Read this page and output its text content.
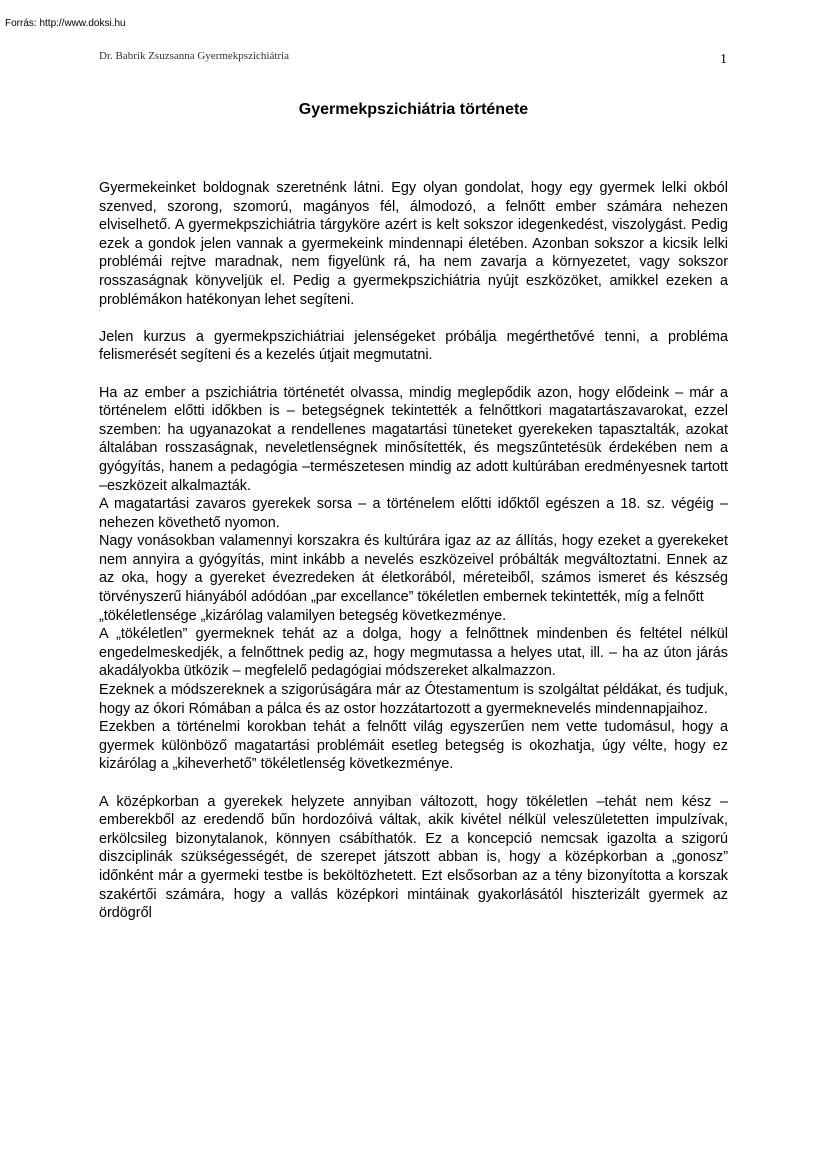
Forrás: http://www.doksi.hu
Dr. Babrik Zsuzsanna Gyermekpszichiátria	1
Gyermekpszichiátria története

Gyermekeinket boldognak szeretnénk látni. Egy olyan gondolat, hogy egy gyermek lelki okból szenved, szorong, szomorú, magányos fél, álmodozó, a felnőtt ember számára nehezen elviselhető. A gyermekpszichiátria tárgyköre azért is kelt sokszor idegenkedést, viszolygást. Pedig ezek a gondok jelen vannak a gyermekeink mindennapi életében. Azonban sokszor a kicsik lelki problémái rejtve maradnak, nem figyelünk rá, ha nem zavarja a környezetet, vagy sokszor rosszaságnak könyveljük el. Pedig a gyermekpszichiátria nyújt eszközöket, amikkel ezeken a problémákon hatékonyan lehet segíteni.

Jelen kurzus a gyermekpszichiátriai jelenségeket próbálja megérthetővé tenni, a probléma felismerését segíteni és a kezelés útjait megmutatni.

Ha az ember a pszichiátria történetét olvassa, mindig meglepődik azon, hogy elődeink – már a történelem előtti időkben is – betegségnek tekintették a felnőttkori magatartászavarokat, ezzel szemben: ha ugyanazokat a rendellenes magatartási tüneteket gyerekeken tapasztalták, azokat általában rosszaságnak, neveletlenségnek minősítették, és megszűntetésük érdekében nem a gyógyítás, hanem a pedagógia –természetesen mindig az adott kultúrában eredményesnek tartott –eszközeit alkalmazták.

A magatartási zavaros gyerekek sorsa – a történelem előtti időktől egészen a 18. sz. végéig – nehezen követhető nyomon.

Nagy vonásokban valamennyi korszakra és kultúrára igaz az az állítás, hogy ezeket a gyerekeket nem annyira a gyógyítás, mint inkább a nevelés eszközeivel próbálták megváltoztatni. Ennek az az oka, hogy a gyereket évezredeken át életkorából, méreteiből, számos ismeret és készség törvényszerű hiányából adódóan „par excellance” tökéletlen embernek tekintették, míg a felnőtt

„tökéletlensége „kizárólag valamilyen betegség következménye.

A „tökéletlen” gyermeknek tehát az a dolga, hogy a felnőttnek mindenben és feltétel nélkül engedelmeskedjék, a felnőttnek pedig az, hogy megmutassa a helyes utat, ill. – ha az úton járás akadályokba ütközik – megfelelő pedagógiai módszereket alkalmazzon.

Ezeknek a módszereknek a szigorúságára már az Ótestamentum is szolgáltat példákat, és tudjuk, hogy az ókori Rómában a pálca és az ostor hozzátartozott a gyermeknevelés mindennapjaihoz.

Ezekben a történelmi korokban tehát a felnőtt világ egyszerűen nem vette tudomásul, hogy a gyermek különböző magatartási problémáit esetleg betegség is okozhatja, úgy vélte, hogy ez kizárólag a „kiheverhető” tökéletlenség következménye.

A középkorban a gyerekek helyzete annyiban változott, hogy tökéletlen –tehát nem kész – emberekből az eredendő bűn hordozóivá váltak, akik kivétel nélkül veleszületetten impulzívak, erkölcsileg bizonytalanok, könnyen csábíthatók. Ez a koncepció nemcsak igazolta a szigorú diszciplinák szükségességét, de szerepet játszott abban is, hogy a középkorban a „gonosz” időnként már a gyermeki testbe is beköltözhetett. Ezt elsősorban az a tény bizonyította a korszak szakértői számára, hogy a vallás középkori mintáinak gyakorlásától hiszterizált gyermek az ördögről
